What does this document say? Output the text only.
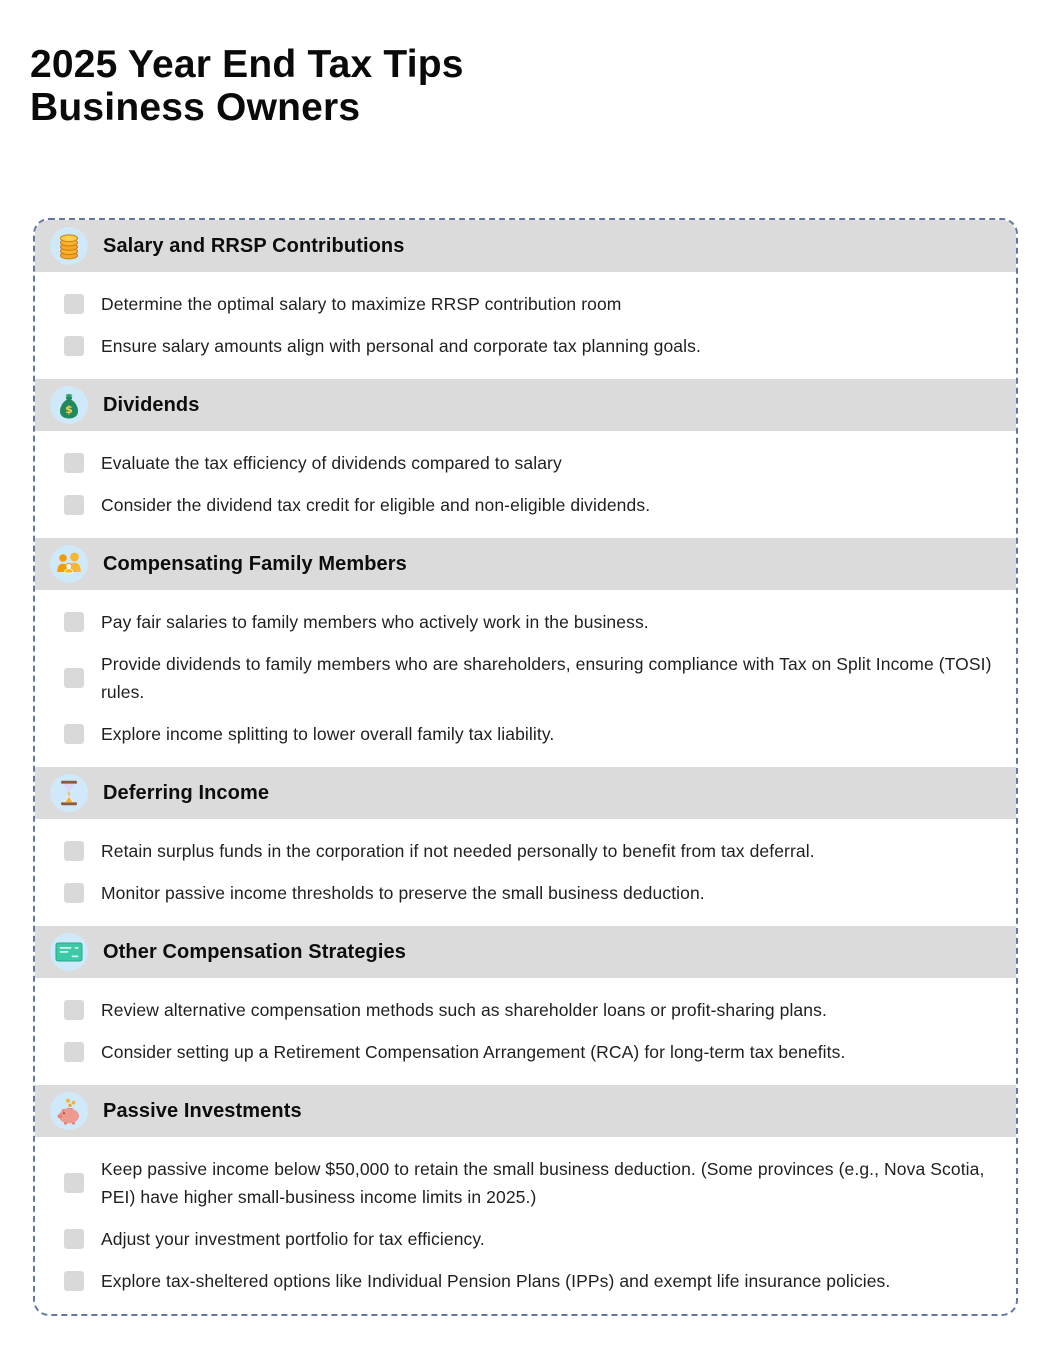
2025 Year End Tax Tips
Business Owners
Salary and RRSP Contributions
Determine the optimal salary to maximize RRSP contribution room
Ensure salary amounts align with personal and corporate tax planning goals.
$ Dividends
Evaluate the tax efficiency of dividends compared to salary
Consider the dividend tax credit for eligible and non-eligible dividends.
Compensating Family Members
Pay fair salaries to family members who actively work in the business.
Provide dividends to family members who are shareholders, ensuring compliance with Tax on Split Income (TOSI) rules.
Explore income splitting to lower overall family tax liability.
Deferring Income
Retain surplus funds in the corporation if not needed personally to benefit from tax deferral.
Monitor passive income thresholds to preserve the small business deduction.
Other Compensation Strategies
Review alternative compensation methods such as shareholder loans or profit-sharing plans.
Consider setting up a Retirement Compensation Arrangement (RCA) for long-term tax benefits.
Passive Investments
Keep passive income below $50,000 to retain the small business deduction. (Some provinces (e.g., Nova Scotia, PEI) have higher small-business income limits in 2025.)
Adjust your investment portfolio for tax efficiency.
Explore tax-sheltered options like Individual Pension Plans (IPPs) and exempt life insurance policies.
